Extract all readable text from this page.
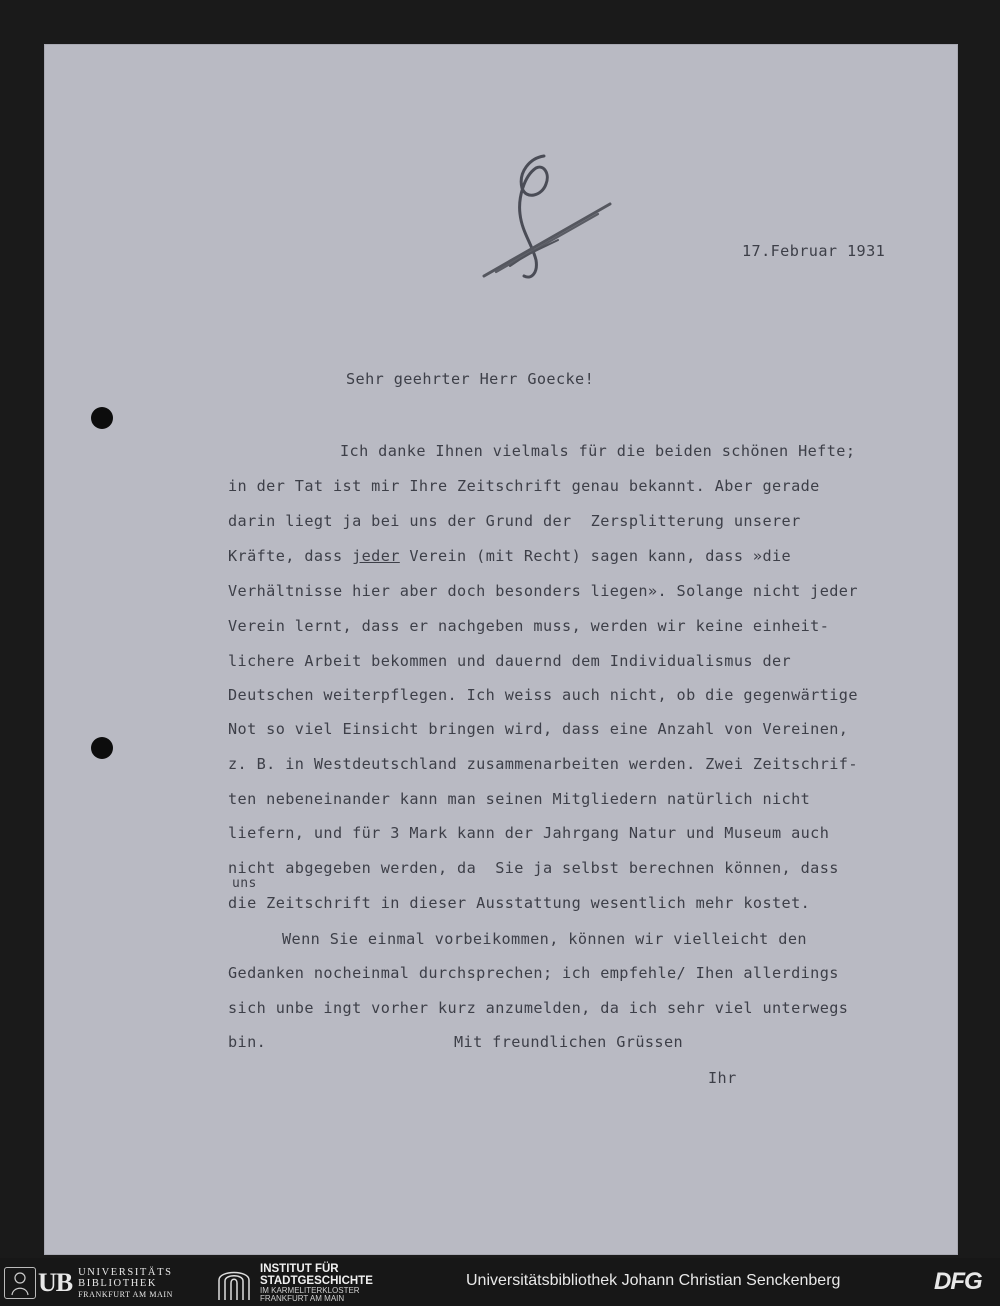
17.Februar 1931
Sehr geehrter Herr Goecke!
Ich danke Ihnen vielmals für die beiden schönen Hefte;
in der Tat ist mir Ihre Zeitschrift genau bekannt. Aber gerade
darin liegt ja bei uns der Grund der  Zersplitterung unserer
Kräfte, dass jeder Verein (mit Recht) sagen kann, dass »die
Verhältnisse hier aber doch besonders liegen». Solange nicht jeder
Verein lernt, dass er nachgeben muss, werden wir keine einheit-
lichere Arbeit bekommen und dauernd dem Individualismus der
Deutschen weiterpflegen. Ich weiss auch nicht, ob die gegenwärtige
Not so viel Einsicht bringen wird, dass eine Anzahl von Vereinen,
z. B. in Westdeutschland zusammenarbeiten werden. Zwei Zeitschrif-
ten nebeneinander kann man seinen Mitgliedern natürlich nicht
liefern, und für 3 Mark kann der Jahrgang Natur und Museum auch
nicht abgegeben werden, da  Sie ja selbst berechnen können, dass
uns
die Zeitschrift in dieser Ausstattung wesentlich mehr kostet.
Wenn Sie einmal vorbeikommen, können wir vielleicht den
Gedanken nocheinmal durchsprechen; ich empfehle/ Ihen allerdings
sich unbe ingt vorher kurz anzumelden, da ich sehr viel unterwegs
bin.	Mit freundlichen Grüssen
Ihr
UB UNIVERSITÄTS
BIBLIOTHEK
FRANKFURT AM MAIN
INSTITUT FÜR
STADTGESCHICHTE
IM KARMELITERKLOSTER
FRANKFURT AM MAIN
Universitätsbibliothek Johann Christian Senckenberg	DFG
